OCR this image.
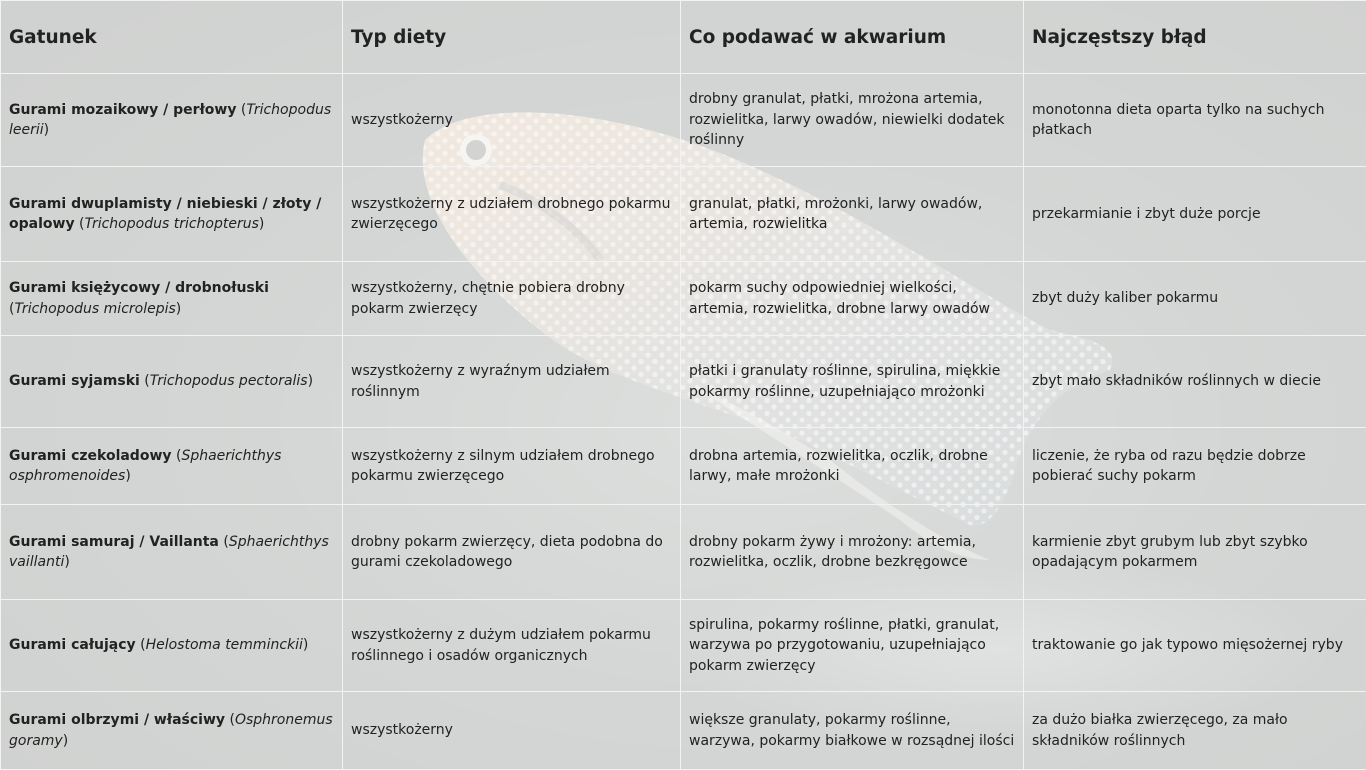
Gatunek	Typ diety	Co podawać w akwarium	Najczęstszy błąd
Gurami mozaikowy / perłowy (Trichopodus leerii)	wszystkożerny	drobny granulat, płatki, mrożona artemia, rozwielitka, larwy owadów, niewielki dodatek roślinny	monotonna dieta oparta tylko na suchych płatkach
Gurami dwuplamisty / niebieski / złoty / opalowy (Trichopodus trichopterus)	wszystkożerny z udziałem drobnego pokarmu zwierzęcego	granulat, płatki, mrożonki, larwy owadów, artemia, rozwielitka	przekarmianie i zbyt duże porcje
Gurami księżycowy / drobnołuski (Trichopodus microlepis)	wszystkożerny, chętnie pobiera drobny pokarm zwierzęcy	pokarm suchy odpowiedniej wielkości, artemia, rozwielitka, drobne larwy owadów	zbyt duży kaliber pokarmu
Gurami syjamski (Trichopodus pectoralis)	wszystkożerny z wyraźnym udziałem roślinnym	płatki i granulaty roślinne, spirulina, miękkie pokarmy roślinne, uzupełniająco mrożonki	zbyt mało składników roślinnych w diecie
Gurami czekoladowy (Sphaerichthys osphromenoides)	wszystkożerny z silnym udziałem drobnego pokarmu zwierzęcego	drobna artemia, rozwielitka, oczlik, drobne larwy, małe mrożonki	liczenie, że ryba od razu będzie dobrze pobierać suchy pokarm
Gurami samuraj / Vaillanta (Sphaerichthys vaillanti)	drobny pokarm zwierzęcy, dieta podobna do gurami czekoladowego	drobny pokarm żywy i mrożony: artemia, rozwielitka, oczlik, drobne bezkręgowce	karmienie zbyt grubym lub zbyt szybko opadającym pokarmem
Gurami całujący (Helostoma temminckii)	wszystkożerny z dużym udziałem pokarmu roślinnego i osadów organicznych	spirulina, pokarmy roślinne, płatki, granulat, warzywa po przygotowaniu, uzupełniająco pokarm zwierzęcy	traktowanie go jak typowo mięsożernej ryby
Gurami olbrzymi / właściwy (Osphronemus goramy)	wszystkożerny	większe granulaty, pokarmy roślinne, warzywa, pokarmy białkowe w rozsądnej ilości	za dużo białka zwierzęcego, za mało składników roślinnych
